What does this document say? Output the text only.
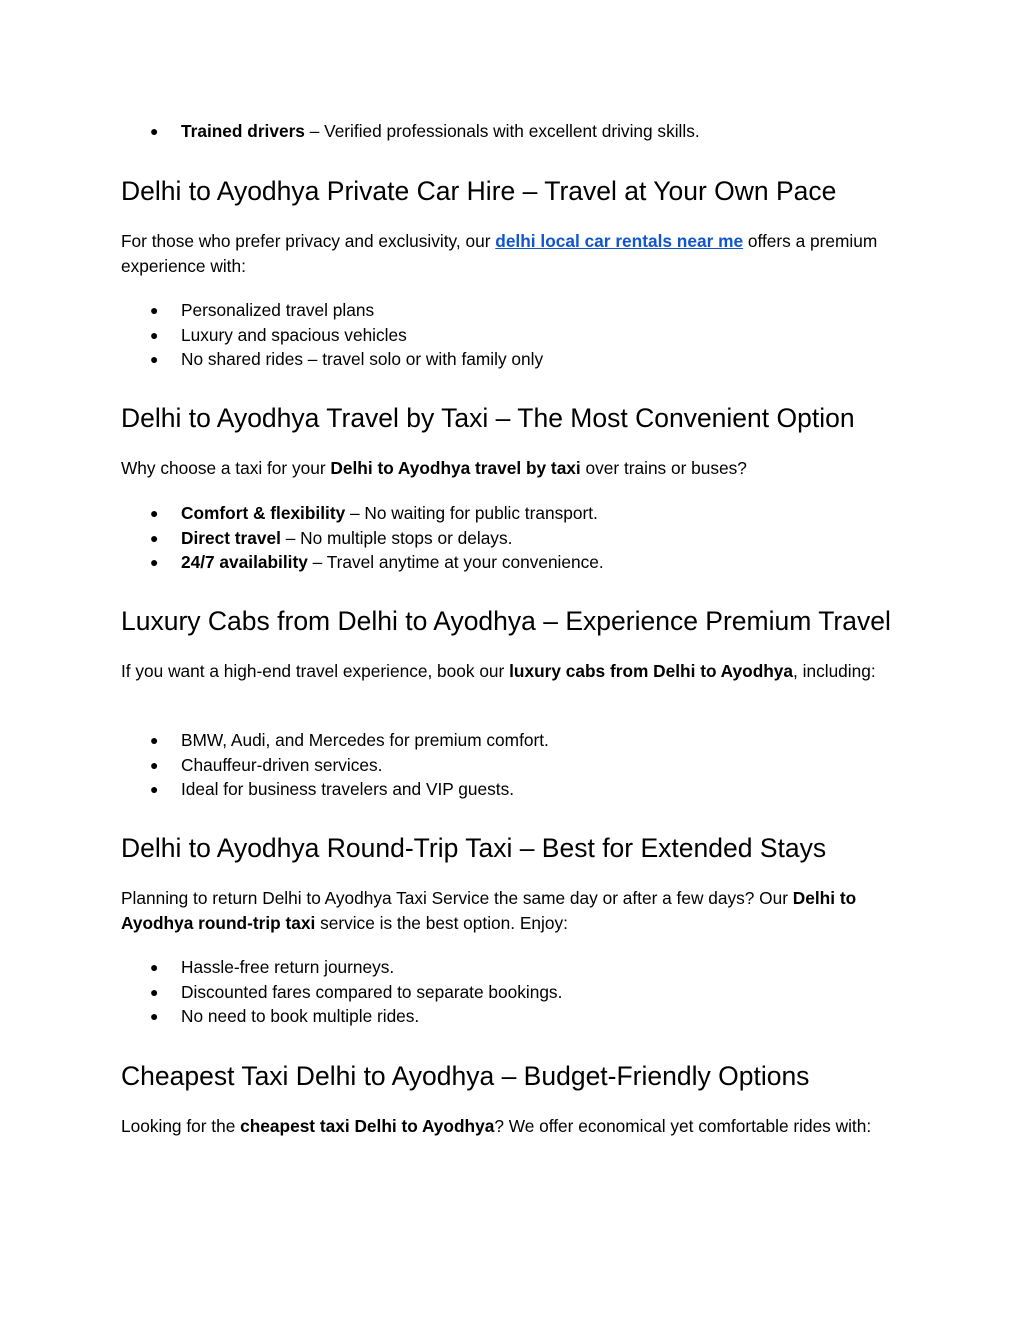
● Trained drivers – Verified professionals with excellent driving skills.
Delhi to Ayodhya Private Car Hire – Travel at Your Own Pace

For those who prefer privacy and exclusivity, our delhi local car rentals near me offers a premium experience with:

● Personalized travel plans
● Luxury and spacious vehicles
● No shared rides – travel solo or with family only
Delhi to Ayodhya Travel by Taxi – The Most Convenient Option

Why choose a taxi for your Delhi to Ayodhya travel by taxi over trains or buses?

● Comfort & flexibility – No waiting for public transport.
● Direct travel – No multiple stops or delays.
● 24/7 availability – Travel anytime at your convenience.
Luxury Cabs from Delhi to Ayodhya – Experience Premium Travel

If you want a high-end travel experience, book our luxury cabs from Delhi to Ayodhya, including:

● BMW, Audi, and Mercedes for premium comfort.
● Chauffeur-driven services.
● Ideal for business travelers and VIP guests.
Delhi to Ayodhya Round-Trip Taxi – Best for Extended Stays

Planning to return Delhi to Ayodhya Taxi Service the same day or after a few days? Our Delhi to Ayodhya round-trip taxi service is the best option. Enjoy:

● Hassle-free return journeys.
● Discounted fares compared to separate bookings.
● No need to book multiple rides.
Cheapest Taxi Delhi to Ayodhya – Budget-Friendly Options

Looking for the cheapest taxi Delhi to Ayodhya? We offer economical yet comfortable rides with:
